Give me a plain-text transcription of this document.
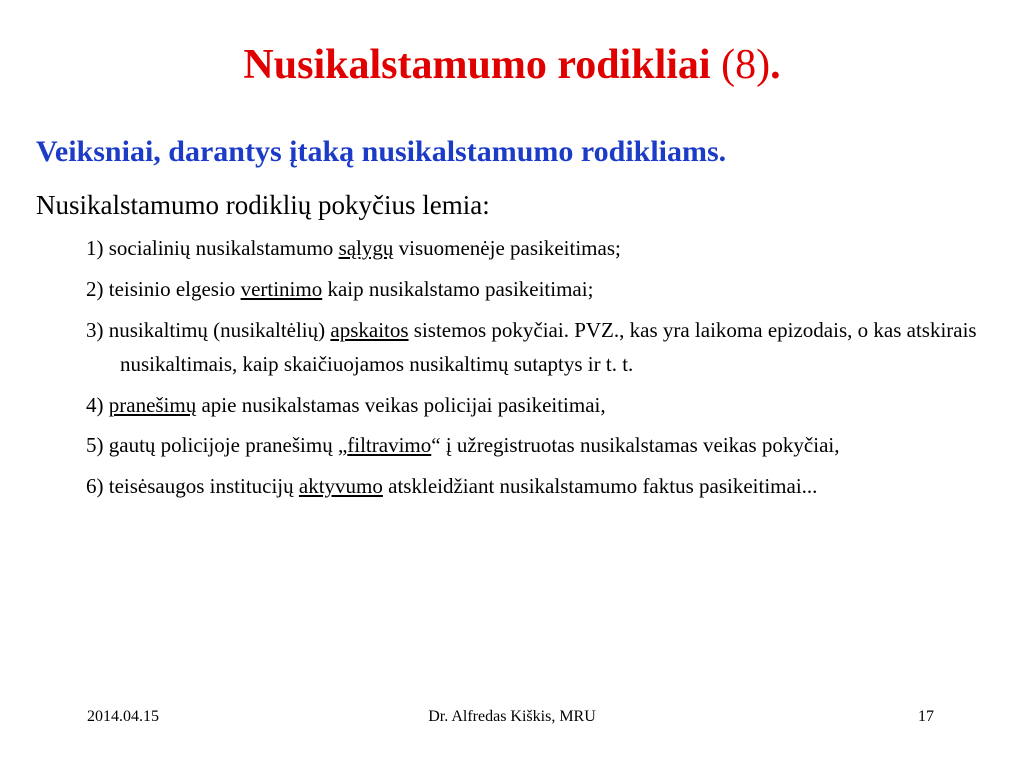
Nusikalstamumo rodikliai (8).
Veiksniai, darantys įtaką nusikalstamumo rodikliams.
Nusikalstamumo rodiklių pokyčius lemia:
1) socialinių nusikalstamumo sąlygų visuomenėje pasikeitimas;
2) teisinio elgesio vertinimo kaip nusikalstamo pasikeitimai;
3) nusikaltimų (nusikaltėlių) apskaitos sistemos pokyčiai. PVZ., kas yra laikoma epizodais, o kas atskirais nusikaltimais, kaip skaičiuojamos nusikaltimų sutaptys ir t. t.
4) pranešimų apie nusikalstamas veikas policijai pasikeitimai,
5) gautų policijoje pranešimų „filtravimo“ į užregistruotas nusikalstamas veikas pokyčiai,
6) teisėsaugos institucijų aktyvumo atskleidžiant nusikalstamumo faktus pasikeitimai...
2014.04.15	Dr. Alfredas Kiškis, MRU	17
